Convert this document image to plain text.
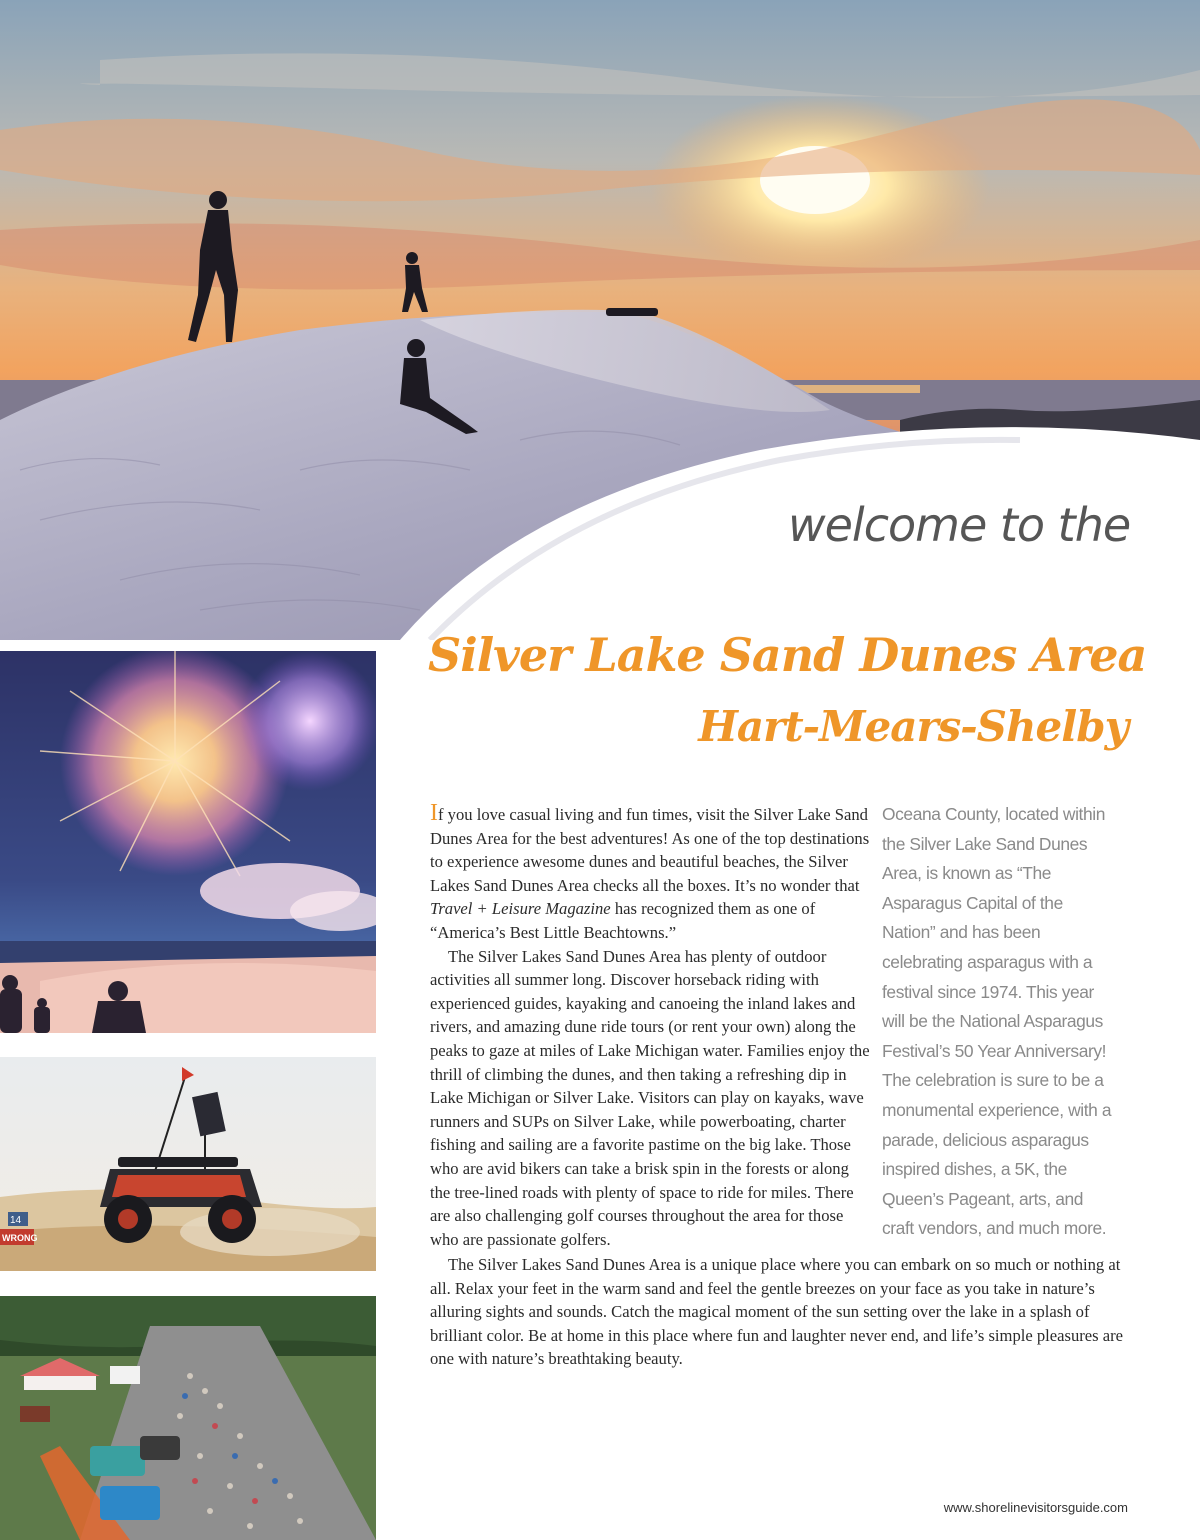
welcome to the
Silver Lake Sand Dunes Area
Hart-Mears-Shelby
14
WRONG

If you love casual living and fun times, visit the Silver Lake Sand Dunes Area for the best adventures! As one of the top destinations to experience awesome dunes and beautiful beaches, the Silver Lakes Sand Dunes Area checks all the boxes. It’s no wonder that Travel + Leisure Magazine has recognized them as one of “America’s Best Little Beachtowns.”

The Silver Lakes Sand Dunes Area has plenty of outdoor activities all summer long. Discover horseback riding with experienced guides, kayaking and canoeing the inland lakes and rivers, and amazing dune ride tours (or rent your own) along the peaks to gaze at miles of Lake Michigan water. Families enjoy the thrill of climbing the dunes, and then taking a refreshing dip in Lake Michigan or Silver Lake. Visitors can play on kayaks, wave runners and SUPs on Silver Lake, while powerboating, charter fishing and sailing are a favorite pastime on the big lake. Those who are avid bikers can take a brisk spin in the forests or along the tree-lined roads with plenty of space to ride for miles. There are also challenging golf courses throughout the area for those who are passionate golfers.

Oceana County, located within the Silver Lake Sand Dunes Area, is known as “The Asparagus Capital of the Nation” and has been celebrating asparagus with a festival since 1974. This year will be the National Asparagus Festival’s 50 Year Anniversary! The celebration is sure to be a monumental experience, with a parade, delicious asparagus inspired dishes, a 5K, the Queen’s Pageant, arts, and craft vendors, and much more.

The Silver Lakes Sand Dunes Area is a unique place where you can embark on so much or nothing at all. Relax your feet in the warm sand and feel the gentle breezes on your face as you take in nature’s alluring sights and sounds. Catch the magical moment of the sun setting over the lake in a splash of brilliant color. Be at home in this place where fun and laughter never end, and life’s simple pleasures are one with nature’s breathtaking beauty.

www.shorelinevisitorsguide.com
